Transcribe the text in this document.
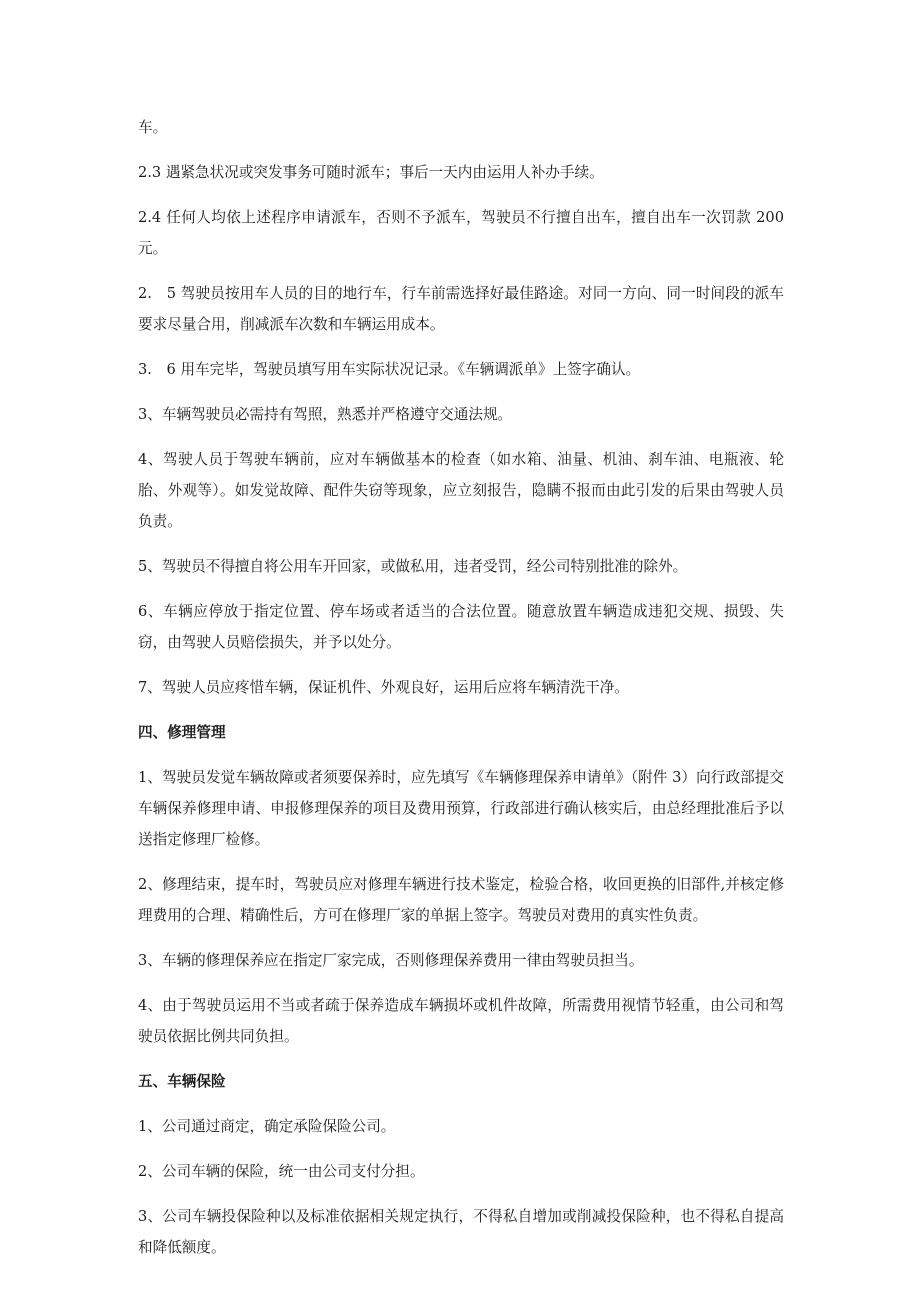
车。

2.3 遇紧急状况或突发事务可随时派车；事后一天内由运用人补办手续。

2.4 任何人均依上述程序申请派车，否则不予派车，驾驶员不行擅自出车，擅自出车一次罚款 200 元。

2.　5 驾驶员按用车人员的目的地行车，行车前需选择好最佳路途。对同一方向、同一时间段的派车要求尽量合用，削减派车次数和车辆运用成本。

3.　6 用车完毕，驾驶员填写用车实际状况记录。《车辆调派单》上签字确认。

3、车辆驾驶员必需持有驾照，熟悉并严格遵守交通法规。

4、驾驶人员于驾驶车辆前，应对车辆做基本的检查（如水箱、油量、机油、刹车油、电瓶液、轮胎、外观等）。如发觉故障、配件失窃等现象，应立刻报告，隐瞒不报而由此引发的后果由驾驶人员负责。

5、驾驶员不得擅自将公用车开回家，或做私用，违者受罚，经公司特别批准的除外。

6、车辆应停放于指定位置、停车场或者适当的合法位置。随意放置车辆造成违犯交规、损毁、失窃，由驾驶人员赔偿损失，并予以处分。

7、驾驶人员应疼惜车辆，保证机件、外观良好，运用后应将车辆清洗干净。

四、修理管理

1、驾驶员发觉车辆故障或者须要保养时，应先填写《车辆修理保养申请单》（附件 3）向行政部提交车辆保养修理申请、申报修理保养的项目及费用预算，行政部进行确认核实后，由总经理批准后予以送指定修理厂检修。

2、修理结束，提车时，驾驶员应对修理车辆进行技术鉴定，检验合格，收回更换的旧部件,并核定修理费用的合理、精确性后，方可在修理厂家的单据上签字。驾驶员对费用的真实性负责。

3、车辆的修理保养应在指定厂家完成，否则修理保养费用一律由驾驶员担当。

4、由于驾驶员运用不当或者疏于保养造成车辆损坏或机件故障，所需费用视情节轻重，由公司和驾驶员依据比例共同负担。

五、车辆保险

1、公司通过商定，确定承险保险公司。

2、公司车辆的保险，统一由公司支付分担。

3、公司车辆投保险种以及标准依据相关规定执行，不得私自增加或削减投保险种，也不得私自提高和降低额度。
